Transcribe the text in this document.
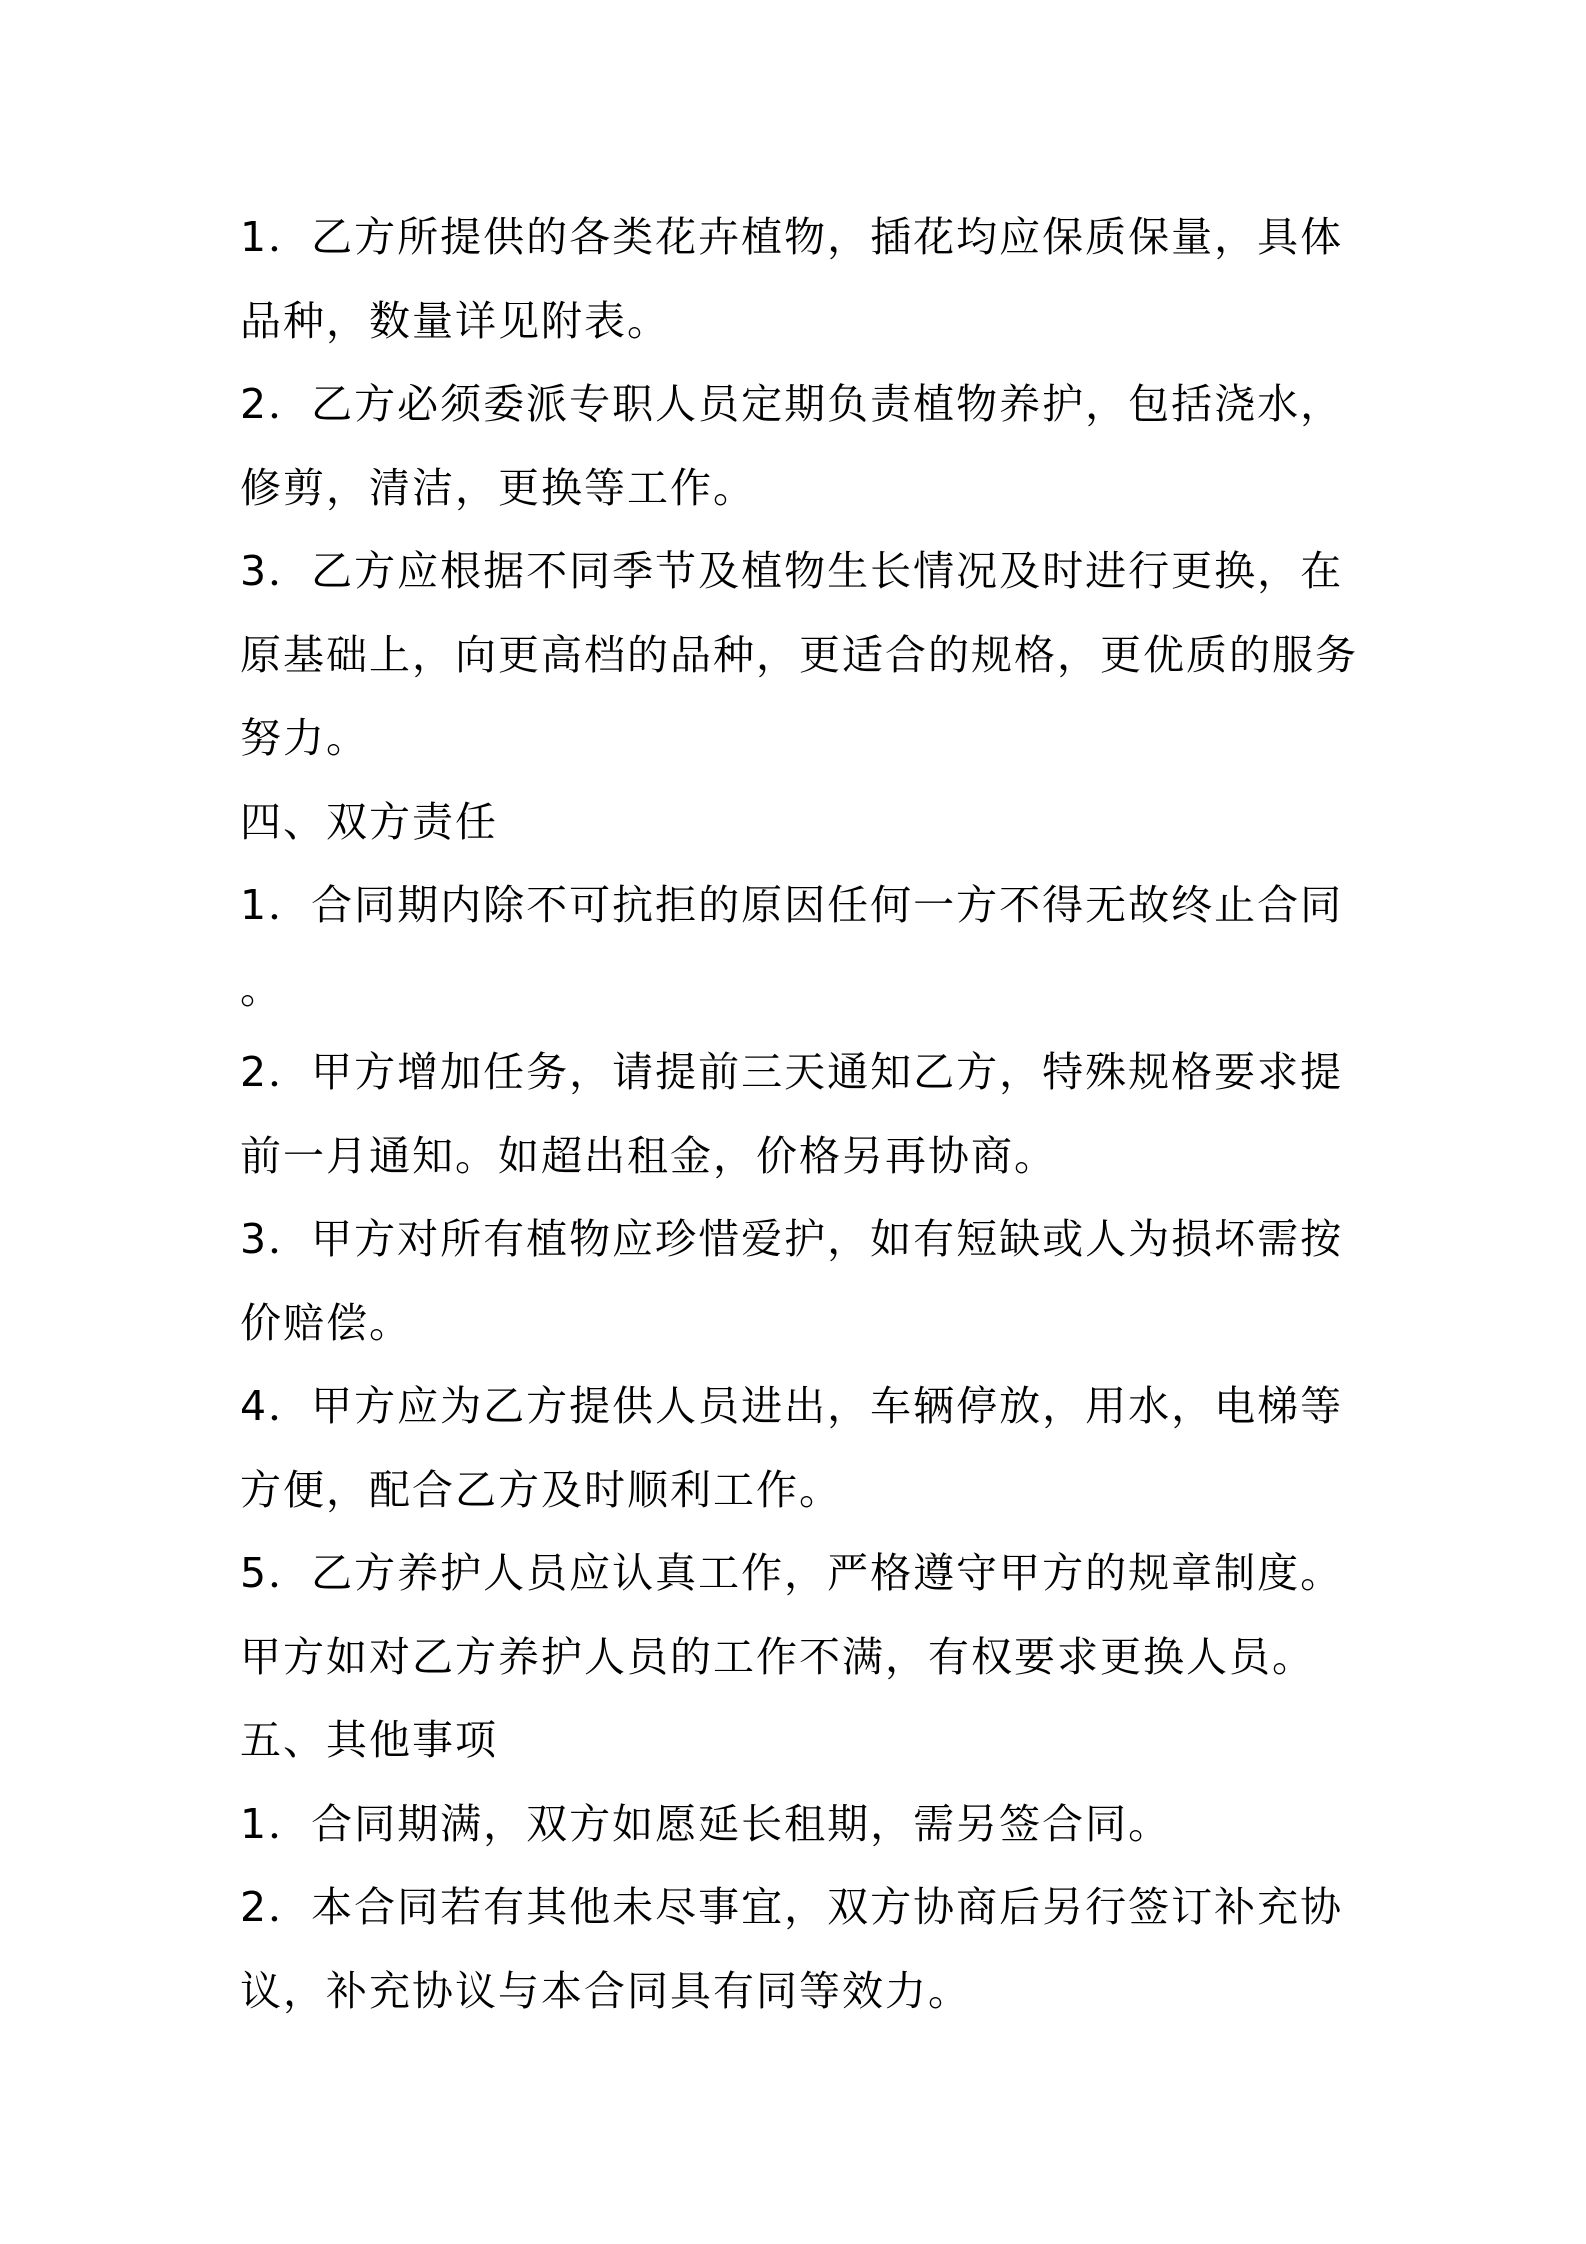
1．乙方所提供的各类花卉植物，插花均应保质保量，具体
品种，数量详见附表。
2．乙方必须委派专职人员定期负责植物养护，包括浇水，
修剪，清洁，更换等工作。
3．乙方应根据不同季节及植物生长情况及时进行更换，在
原基础上，向更高档的品种，更适合的规格，更优质的服务
努力。
四、双方责任
1．合同期内除不可抗拒的原因任何一方不得无故终止合同
。
2．甲方增加任务，请提前三天通知乙方，特殊规格要求提
前一月通知。如超出租金，价格另再协商。
3．甲方对所有植物应珍惜爱护，如有短缺或人为损坏需按
价赔偿。
4．甲方应为乙方提供人员进出，车辆停放，用水，电梯等
方便，配合乙方及时顺利工作。
5．乙方养护人员应认真工作，严格遵守甲方的规章制度。
甲方如对乙方养护人员的工作不满，有权要求更换人员。
五、其他事项
1．合同期满，双方如愿延长租期，需另签合同。
2．本合同若有其他未尽事宜，双方协商后另行签订补充协
议，补充协议与本合同具有同等效力。
